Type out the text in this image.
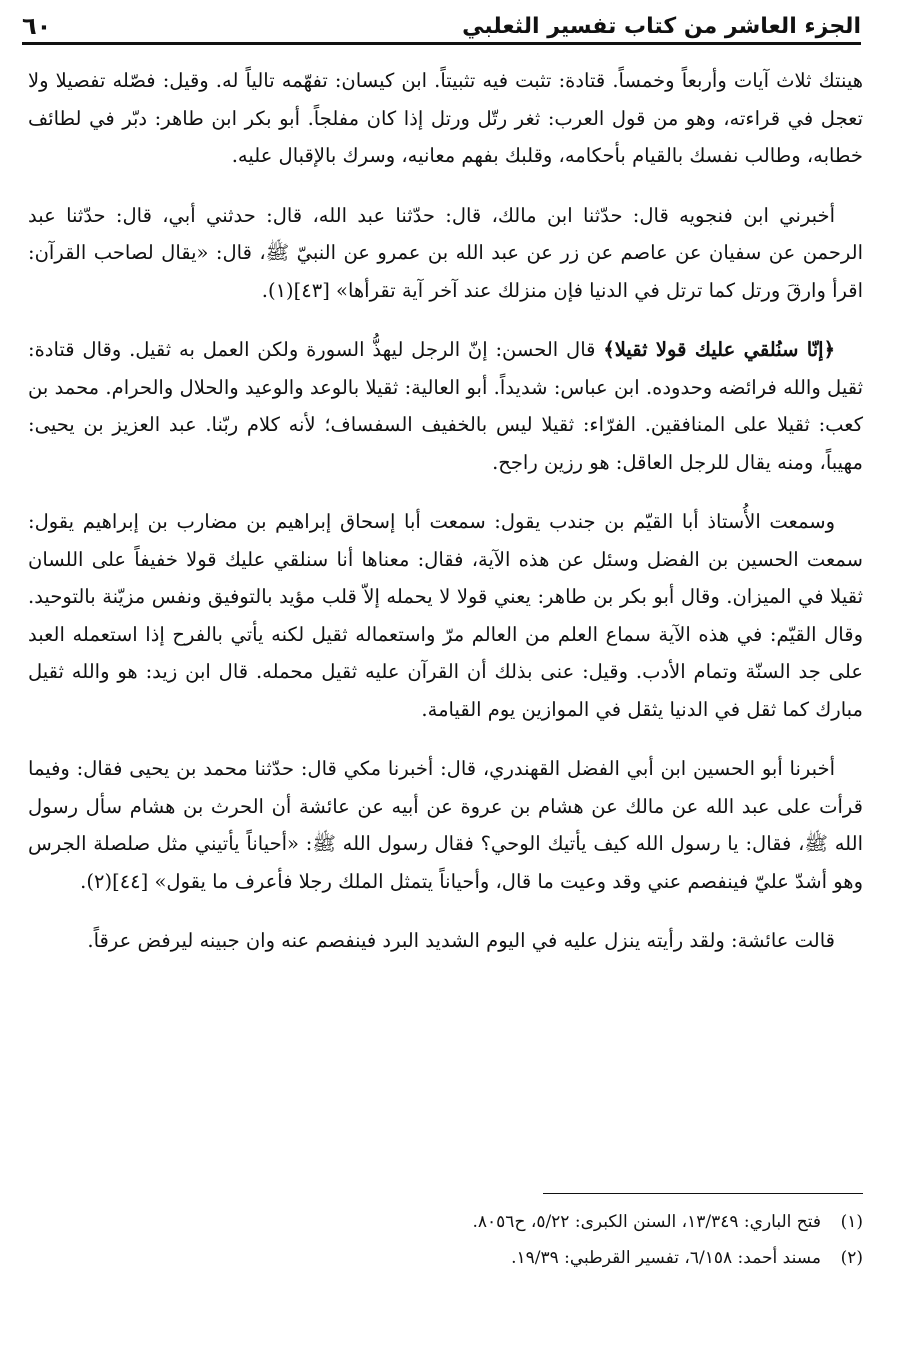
الجزء العاشر من كتاب تفسير الثعلبي
٦٠

هينتك ثلاث آيات وأربعاً وخمساً. قتادة: تثبت فيه تثبيتاً. ابن كيسان: تفهّمه تالياً له. وقيل: فصّله تفصيلا ولا تعجل في قراءته، وهو من قول العرب: ثغر رتّل ورتل إذا كان مفلجاً. أبو بكر ابن طاهر: دبّر في لطائف خطابه، وطالب نفسك بالقيام بأحكامه، وقلبك بفهم معانيه، وسرك بالإقبال عليه.

أخبرني ابن فنجويه قال: حدّثنا ابن مالك، قال: حدّثنا عبد الله، قال: حدثني أبي، قال: حدّثنا عبد الرحمن عن سفيان عن عاصم عن زر عن عبد الله بن عمرو عن النبيّ ﷺ، قال: «يقال لصاحب القرآن: اقرأ وارقَ ورتل كما ترتل في الدنيا فإن منزلك عند آخر آية تقرأها» [٤٣](١).

﴿إنّا سنُلقي عليك قولا ثقيلا﴾ قال الحسن: إنّ الرجل ليهذُّ السورة ولكن العمل به ثقيل. وقال قتادة: ثقيل والله فرائضه وحدوده. ابن عباس: شديداً. أبو العالية: ثقيلا بالوعد والوعيد والحلال والحرام. محمد بن كعب: ثقيلا على المنافقين. الفرّاء: ثقيلا ليس بالخفيف السفساف؛ لأنه كلام ربّنا. عبد العزيز بن يحيى: مهيباً، ومنه يقال للرجل العاقل: هو رزين راجح.

وسمعت الأُستاذ أبا القيّم بن جندب يقول: سمعت أبا إسحاق إبراهيم بن مضارب بن إبراهيم يقول: سمعت الحسين بن الفضل وسئل عن هذه الآية، فقال: معناها أنا سنلقي عليك قولا خفيفاً على اللسان ثقيلا في الميزان. وقال أبو بكر بن طاهر: يعني قولا لا يحمله إلاّ قلب مؤيد بالتوفيق ونفس مزيّنة بالتوحيد. وقال القيّم: في هذه الآية سماع العلم من العالم مرّ واستعماله ثقيل لكنه يأتي بالفرح إذا استعمله العبد على جد السنّة وتمام الأدب. وقيل: عنى بذلك أن القرآن عليه ثقيل محمله. قال ابن زيد: هو والله ثقيل مبارك كما ثقل في الدنيا يثقل في الموازين يوم القيامة.

أخبرنا أبو الحسين ابن أبي الفضل القهندري، قال: أخبرنا مكي قال: حدّثنا محمد بن يحيى فقال: وفيما قرأت على عبد الله عن مالك عن هشام بن عروة عن أبيه عن عائشة أن الحرث بن هشام سأل رسول الله ﷺ، فقال: يا رسول الله كيف يأتيك الوحي؟ فقال رسول الله ﷺ: «أحياناً يأتيني مثل صلصلة الجرس وهو أشدّ عليّ فينفصم عني وقد وعيت ما قال، وأحياناً يتمثل الملك رجلا فأعرف ما يقول» [٤٤](٢).

قالت عائشة: ولقد رأيته ينزل عليه في اليوم الشديد البرد فينفصم عنه وان جبينه ليرفض عرقاً.

(١)
فتح الباري: ١٣/٣٤٩، السنن الكبرى: ٥/٢٢، ح٨٠٥٦.
(٢)
مسند أحمد: ٦/١٥٨، تفسير القرطبي: ١٩/٣٩.
